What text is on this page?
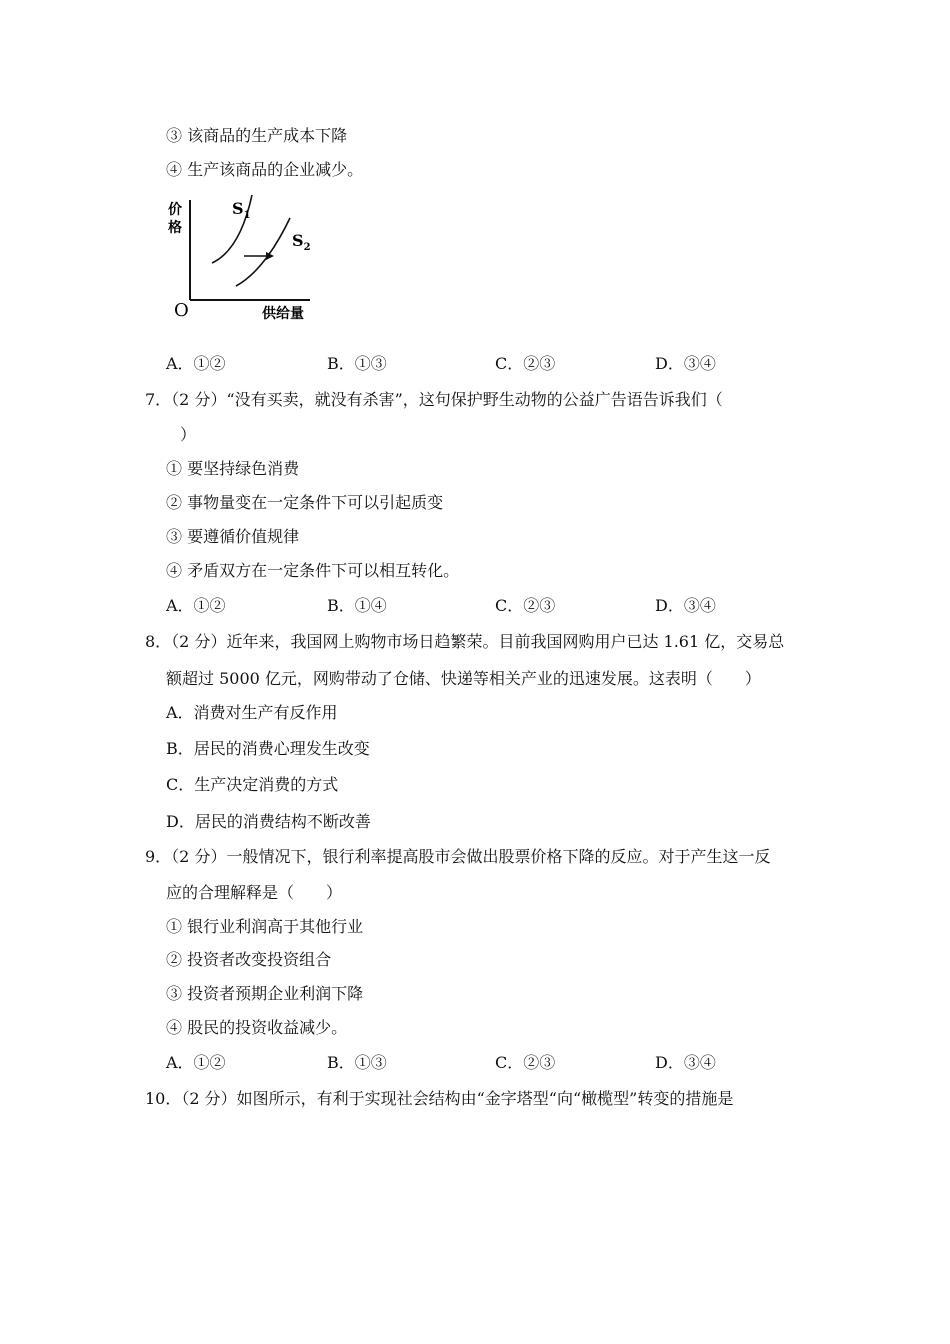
③ 该商品的生产成本下降
④ 生产该商品的企业减少。
价
格
O	供给量
$S_1$
$S_2$
A．①②	B．①③	C．②③	D．③④
7．（2 分）“没有买卖，就没有杀害”，这句保护野生动物的公益广告语告诉我们（
）
① 要坚持绿色消费
② 事物量变在一定条件下可以引起质变
③ 要遵循价值规律
④ 矛盾双方在一定条件下可以相互转化。
A．①②	B．①④	C．②③	D．③④
8．（2 分）近年来，我国网上购物市场日趋繁荣。目前我国网购用户已达 1.61 亿，交易总
额超过 5000 亿元，网购带动了仓储、快递等相关产业的迅速发展。这表明（　　）
A．消费对生产有反作用
B．居民的消费心理发生改变
C．生产决定消费的方式
D．居民的消费结构不断改善
9．（2 分）一般情况下，银行利率提高股市会做出股票价格下降的反应。对于产生这一反
应的合理解释是（　　）
① 银行业利润高于其他行业
② 投资者改变投资组合
③ 投资者预期企业利润下降
④ 股民的投资收益减少。
A．①②	B．①③	C．②③	D．③④
10．（2 分）如图所示，有利于实现社会结构由“金字塔型“向“橄榄型”转变的措施是
